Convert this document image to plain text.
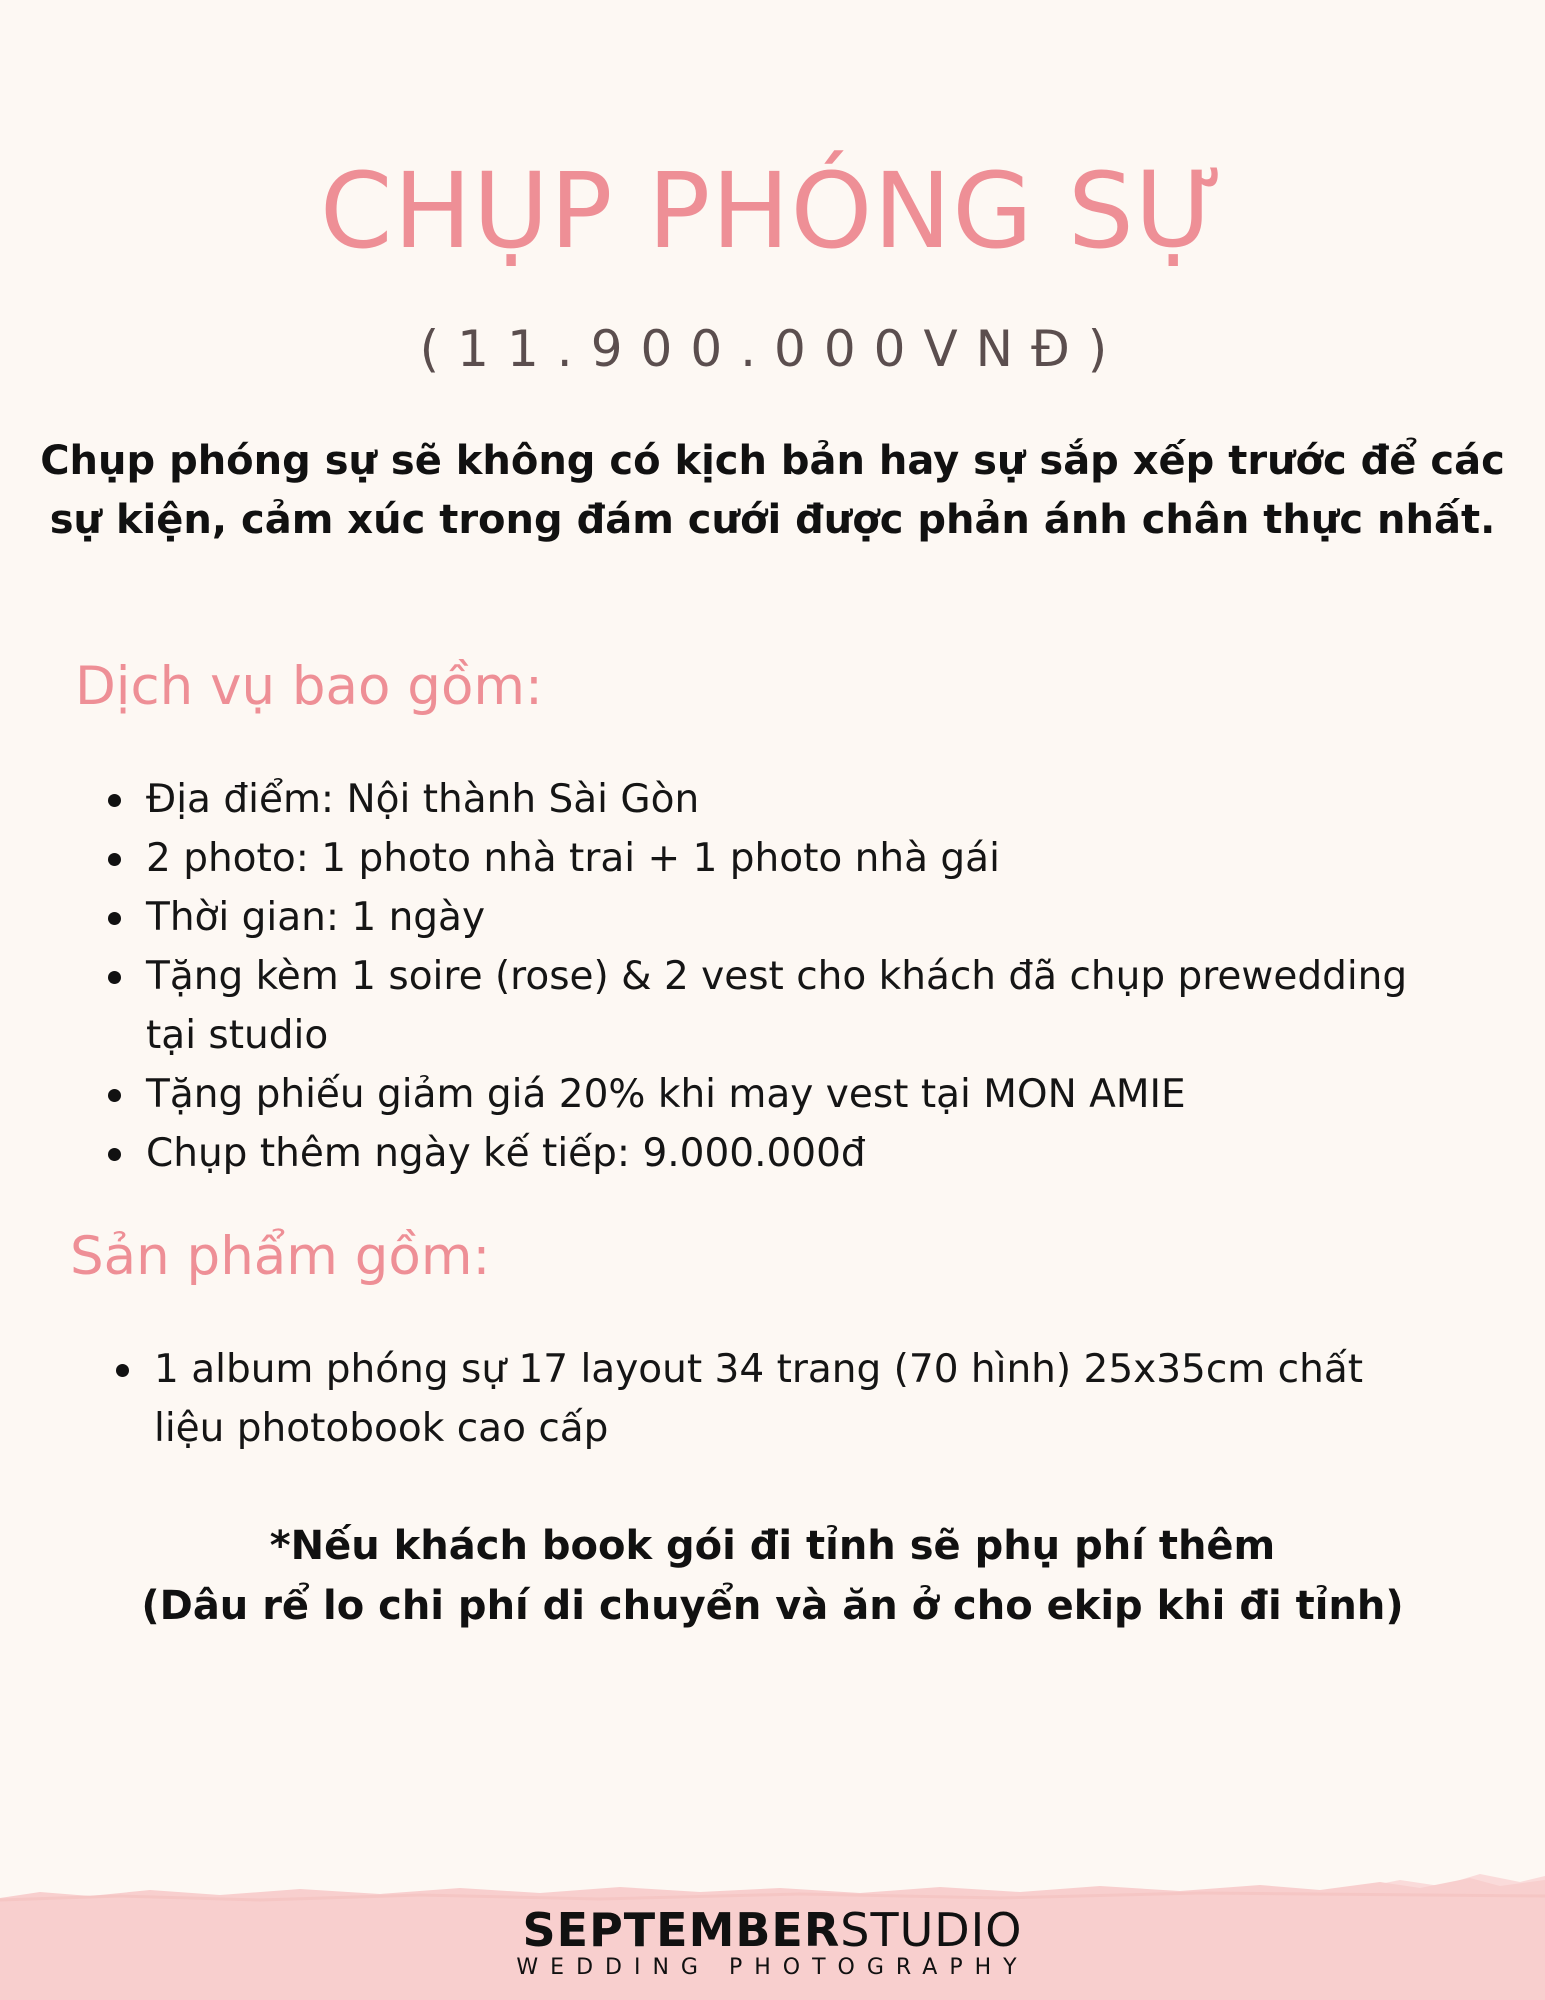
CHỤP PHÓNG SỰ
(11.900.000VNĐ)

Chụp phóng sự sẽ không có kịch bản hay sự sắp xếp trước để các sự kiện, cảm xúc trong đám cưới được phản ánh chân thực nhất.

Dịch vụ bao gồm:
Địa điểm: Nội thành Sài Gòn
2 photo: 1 photo nhà trai + 1 photo nhà gái
Thời gian: 1 ngày
Tặng kèm 1 soire (rose) & 2 vest cho khách đã chụp prewedding tại studio
Tặng phiếu giảm giá 20% khi may vest tại MON AMIE
Chụp thêm ngày kế tiếp: 9.000.000đ
Sản phẩm gồm:
1 album phóng sự 17 layout 34 trang (70 hình) 25x35cm chất liệu photobook cao cấp
*Nếu khách book gói đi tỉnh sẽ phụ phí thêm
(Dâu rể lo chi phí di chuyển và ăn ở cho ekip khi đi tỉnh)
SEPTEMBERSTUDIO
WEDDING PHOTOGRAPHY
